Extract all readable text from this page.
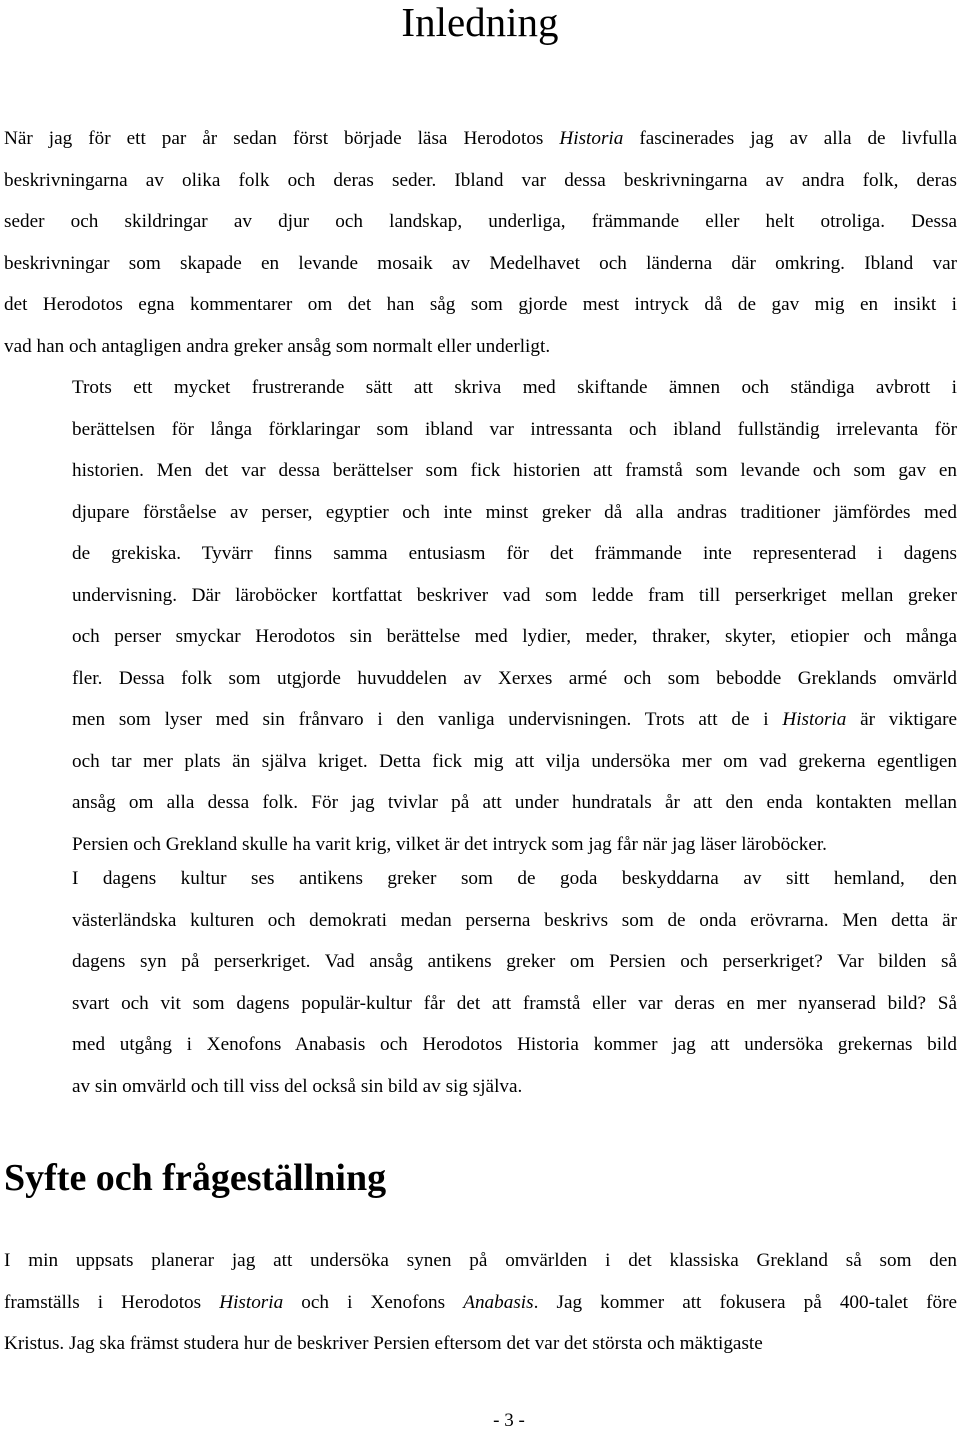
Inledning
När jag för ett par år sedan först började läsa Herodotos Historia fascinerades jag av alla de livfulla
beskrivningarna av olika folk och deras seder. Ibland var dessa beskrivningarna av andra folk, deras
seder och skildringar av djur och landskap, underliga, främmande eller helt otroliga. Dessa
beskrivningar som skapade en levande mosaik av Medelhavet och länderna där omkring. Ibland var
det Herodotos egna kommentarer om det han såg som gjorde mest intryck då de gav mig en insikt i
vad han och antagligen andra greker ansåg som normalt eller underligt.
Trots ett mycket frustrerande sätt att skriva med skiftande ämnen och ständiga avbrott i
berättelsen för långa förklaringar som ibland var intressanta och ibland fullständig irrelevanta för
historien. Men det var dessa berättelser som fick historien att framstå som levande och som gav en
djupare förståelse av perser, egyptier och inte minst greker då alla andras traditioner jämfördes med
de grekiska. Tyvärr finns samma entusiasm för det främmande inte representerad i dagens
undervisning. Där läroböcker kortfattat beskriver vad som ledde fram till perserkriget mellan greker
och perser smyckar Herodotos sin berättelse med lydier, meder, thraker, skyter, etiopier och många
fler. Dessa folk som utgjorde huvuddelen av Xerxes armé och som bebodde Greklands omvärld
men som lyser med sin frånvaro i den vanliga undervisningen. Trots att de i Historia är viktigare
och tar mer plats än själva kriget. Detta fick mig att vilja undersöka mer om vad grekerna egentligen
ansåg om alla dessa folk. För jag tvivlar på att under hundratals år att den enda kontakten mellan
Persien och Grekland skulle ha varit krig, vilket är det intryck som jag får när jag läser läroböcker.
I dagens kultur ses antikens greker som de goda beskyddarna av sitt hemland, den
västerländska kulturen och demokrati medan perserna beskrivs som de onda erövrarna. Men detta är
dagens syn på perserkriget. Vad ansåg antikens greker om Persien och perserkriget? Var bilden så
svart och vit som dagens populär-kultur får det att framstå eller var deras en mer nyanserad bild? Så
med utgång i Xenofons Anabasis och Herodotos Historia kommer jag att undersöka grekernas bild
av sin omvärld och till viss del också sin bild av sig själva.
Syfte och frågeställning
I min uppsats planerar jag att undersöka synen på omvärlden i det klassiska Grekland så som den
framställs i Herodotos Historia och i Xenofons Anabasis. Jag kommer att fokusera på 400-talet före
Kristus. Jag ska främst studera hur de beskriver Persien eftersom det var det största och mäktigaste
- 3 -
